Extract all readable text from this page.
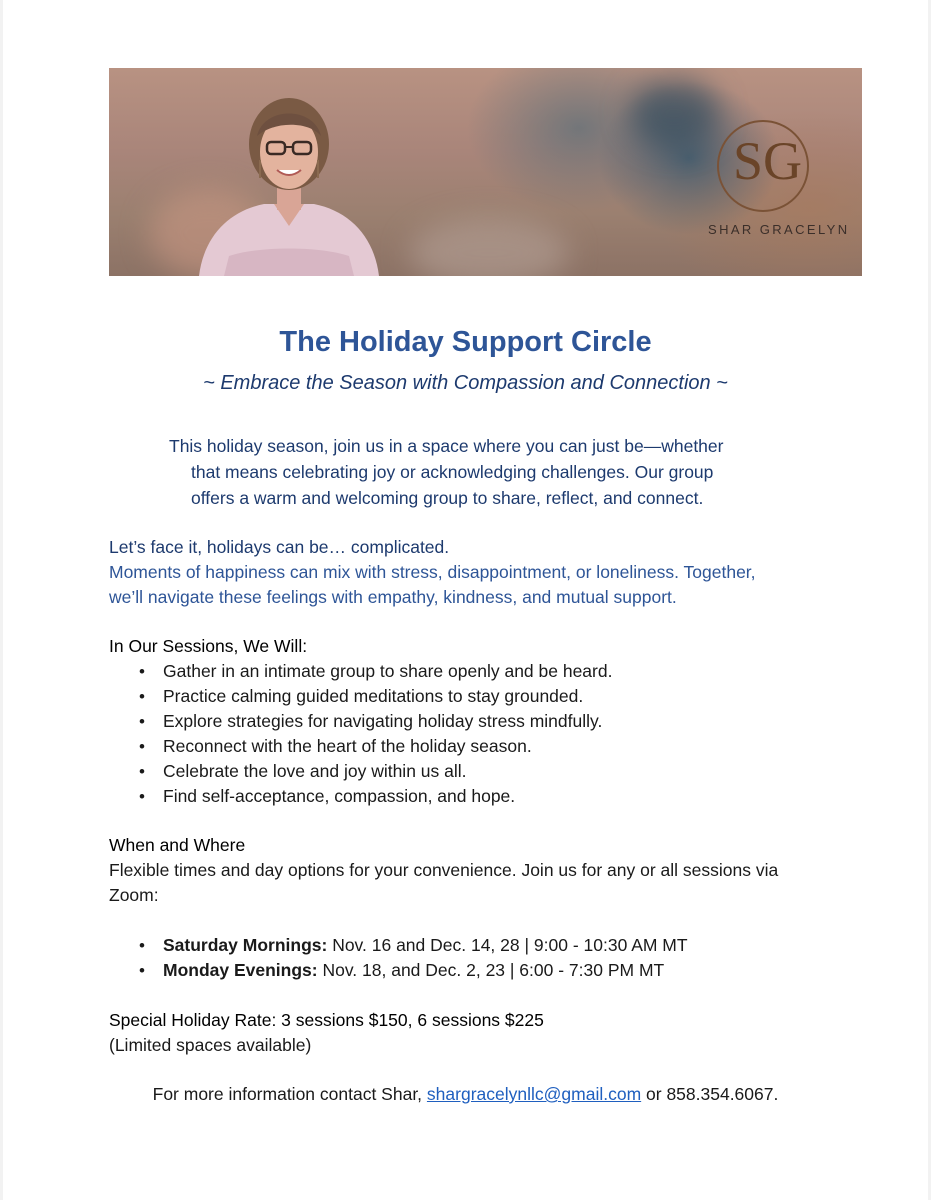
SG
SHAR GRACELYN
The Holiday Support Circle
~ Embrace the Season with Compassion and Connection ~

This holiday season, join us in a space where you can just be—whether

that means celebrating joy or acknowledging challenges. Our group

offers a warm and welcoming group to share, reflect, and connect.

Let’s face it, holidays can be… complicated.
Moments of happiness can mix with stress, disappointment, or loneliness. Together,
we’ll navigate these feelings with empathy, kindness, and mutual support.
In Our Sessions, We Will:
• Gather in an intimate group to share openly and be heard.
• Practice calming guided meditations to stay grounded.
• Explore strategies for navigating holiday stress mindfully.
• Reconnect with the heart of the holiday season.
• Celebrate the love and joy within us all.
• Find self-acceptance, compassion, and hope.
When and Where
Flexible times and day options for your convenience. Join us for any or all sessions via
Zoom:
• Saturday Mornings: Nov. 16 and Dec. 14, 28 | 9:00 - 10:30 AM MT
• Monday Evenings: Nov. 18, and Dec. 2, 23 | 6:00 - 7:30 PM MT
Special Holiday Rate: 3 sessions $150, 6 sessions $225
(Limited spaces available)
For more information contact Shar, shargracelynllc@gmail.com or 858.354.6067.
